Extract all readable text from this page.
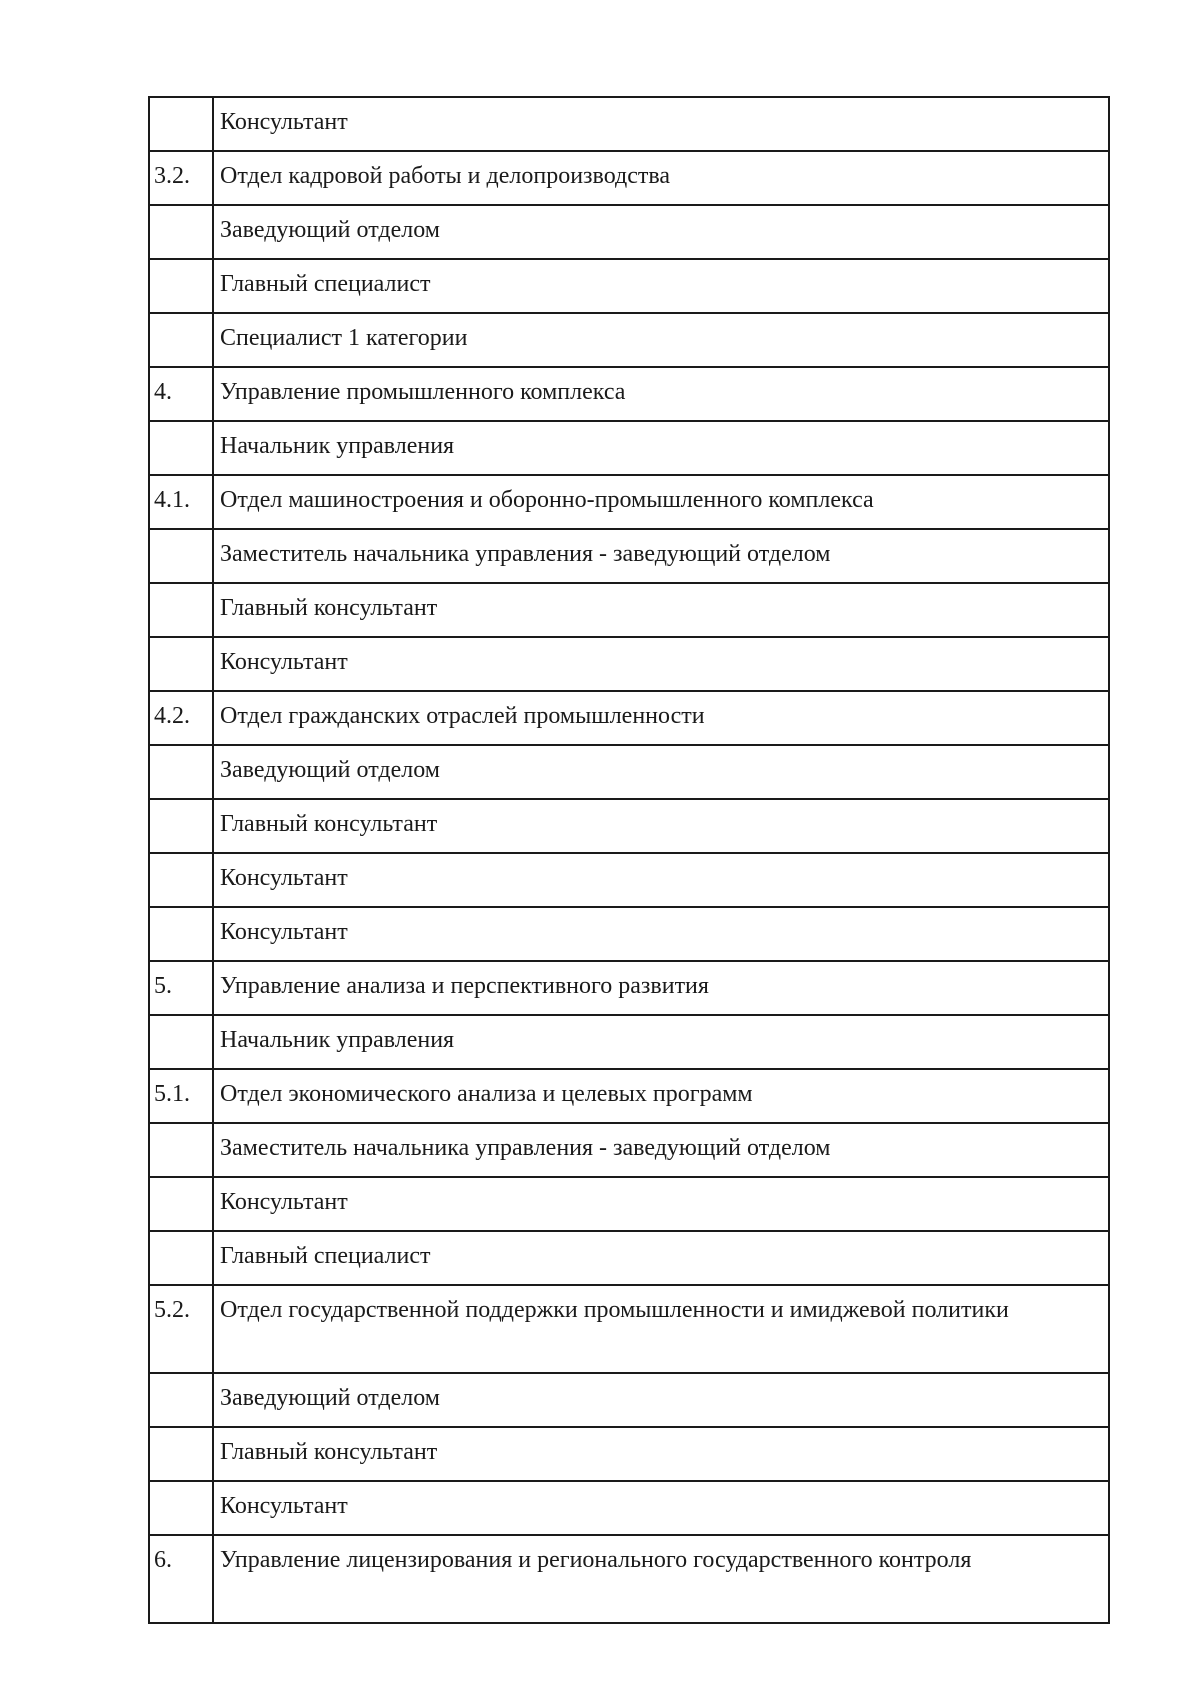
	Консультант
3.2.	Отдел кадровой работы и делопроизводства
	Заведующий отделом
	Главный специалист
	Специалист 1 категории
4.	Управление промышленного комплекса
	Начальник управления
4.1.	Отдел машиностроения и оборонно-промышленного комплекса
	Заместитель начальника управления - заведующий отделом
	Главный консультант
	Консультант
4.2.	Отдел гражданских отраслей промышленности
	Заведующий отделом
	Главный консультант
	Консультант
	Консультант
5.	Управление анализа и перспективного развития
	Начальник управления
5.1.	Отдел экономического анализа и целевых программ
	Заместитель начальника управления - заведующий отделом
	Консультант
	Главный специалист
5.2.	Отдел государственной поддержки промышленности и имиджевой политики
	Заведующий отделом
	Главный консультант
	Консультант
6.	Управление лицензирования и регионального государственного контроля
